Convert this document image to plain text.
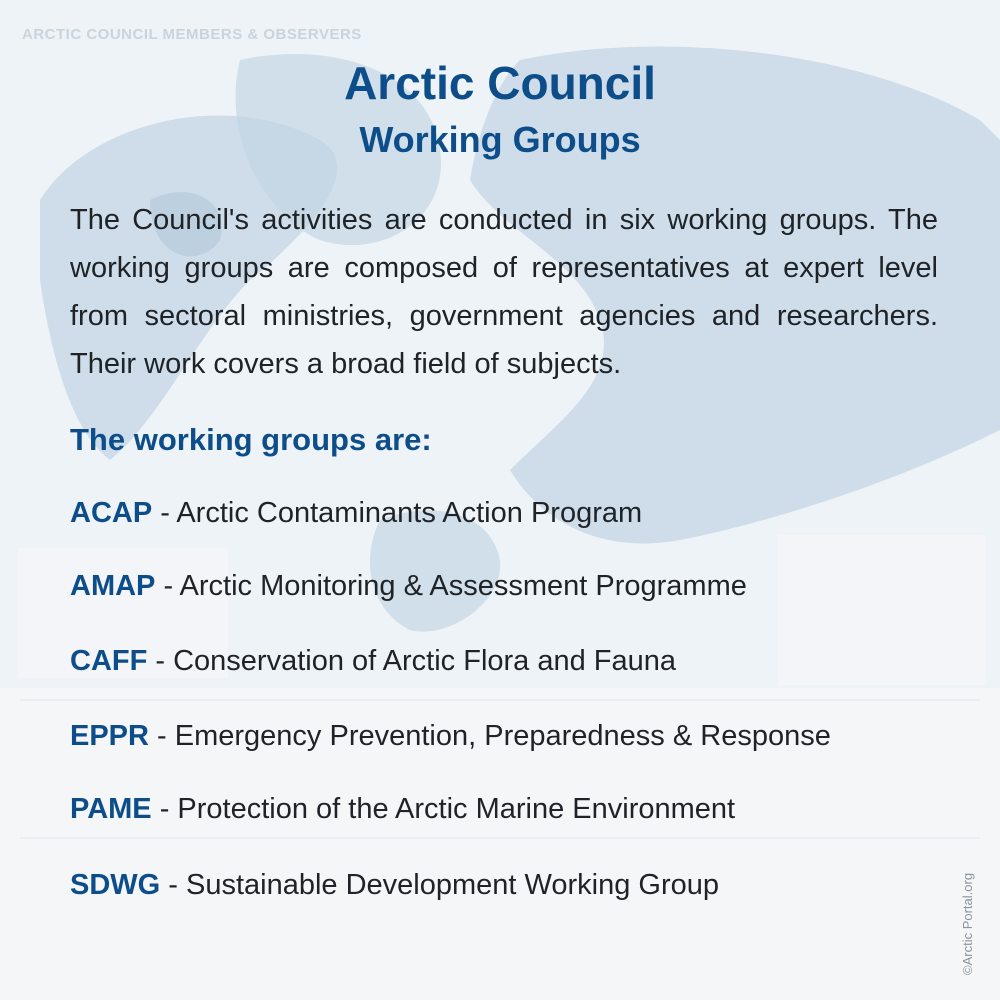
ARCTIC COUNCIL MEMBERS & OBSERVERS
Arctic Council
Working Groups
The Council's activities are conducted in six working groups. The working groups are composed of representatives at expert level from sectoral ministries, government agencies and researchers. Their work covers a broad field of subjects.
The working groups are:
ACAP - Arctic Contaminants Action Program
AMAP - Arctic Monitoring & Assessment Programme
CAFF - Conservation of Arctic Flora and Fauna
EPPR - Emergency Prevention, Preparedness & Response
PAME - Protection of the Arctic Marine Environment
SDWG - Sustainable Development Working Group	©Arctic Portal.org
